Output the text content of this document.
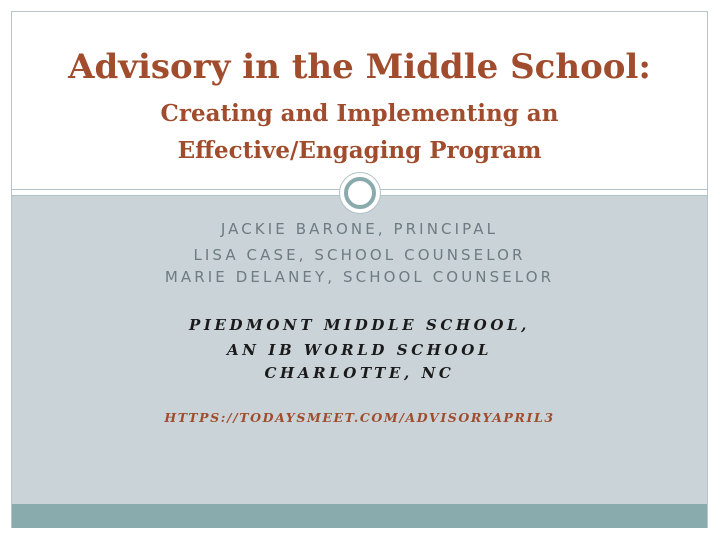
Advisory in the Middle School:
Creating and Implementing an
Effective/Engaging Program

JACKIE BARONE, PRINCIPAL

LISA CASE, SCHOOL COUNSELOR

MARIE DELANEY, SCHOOL COUNSELOR

PIEDMONT MIDDLE SCHOOL,

AN IB WORLD SCHOOL

CHARLOTTE, NC

HTTPS://TODAYSMEET.COM/ADVISORYAPRIL3
